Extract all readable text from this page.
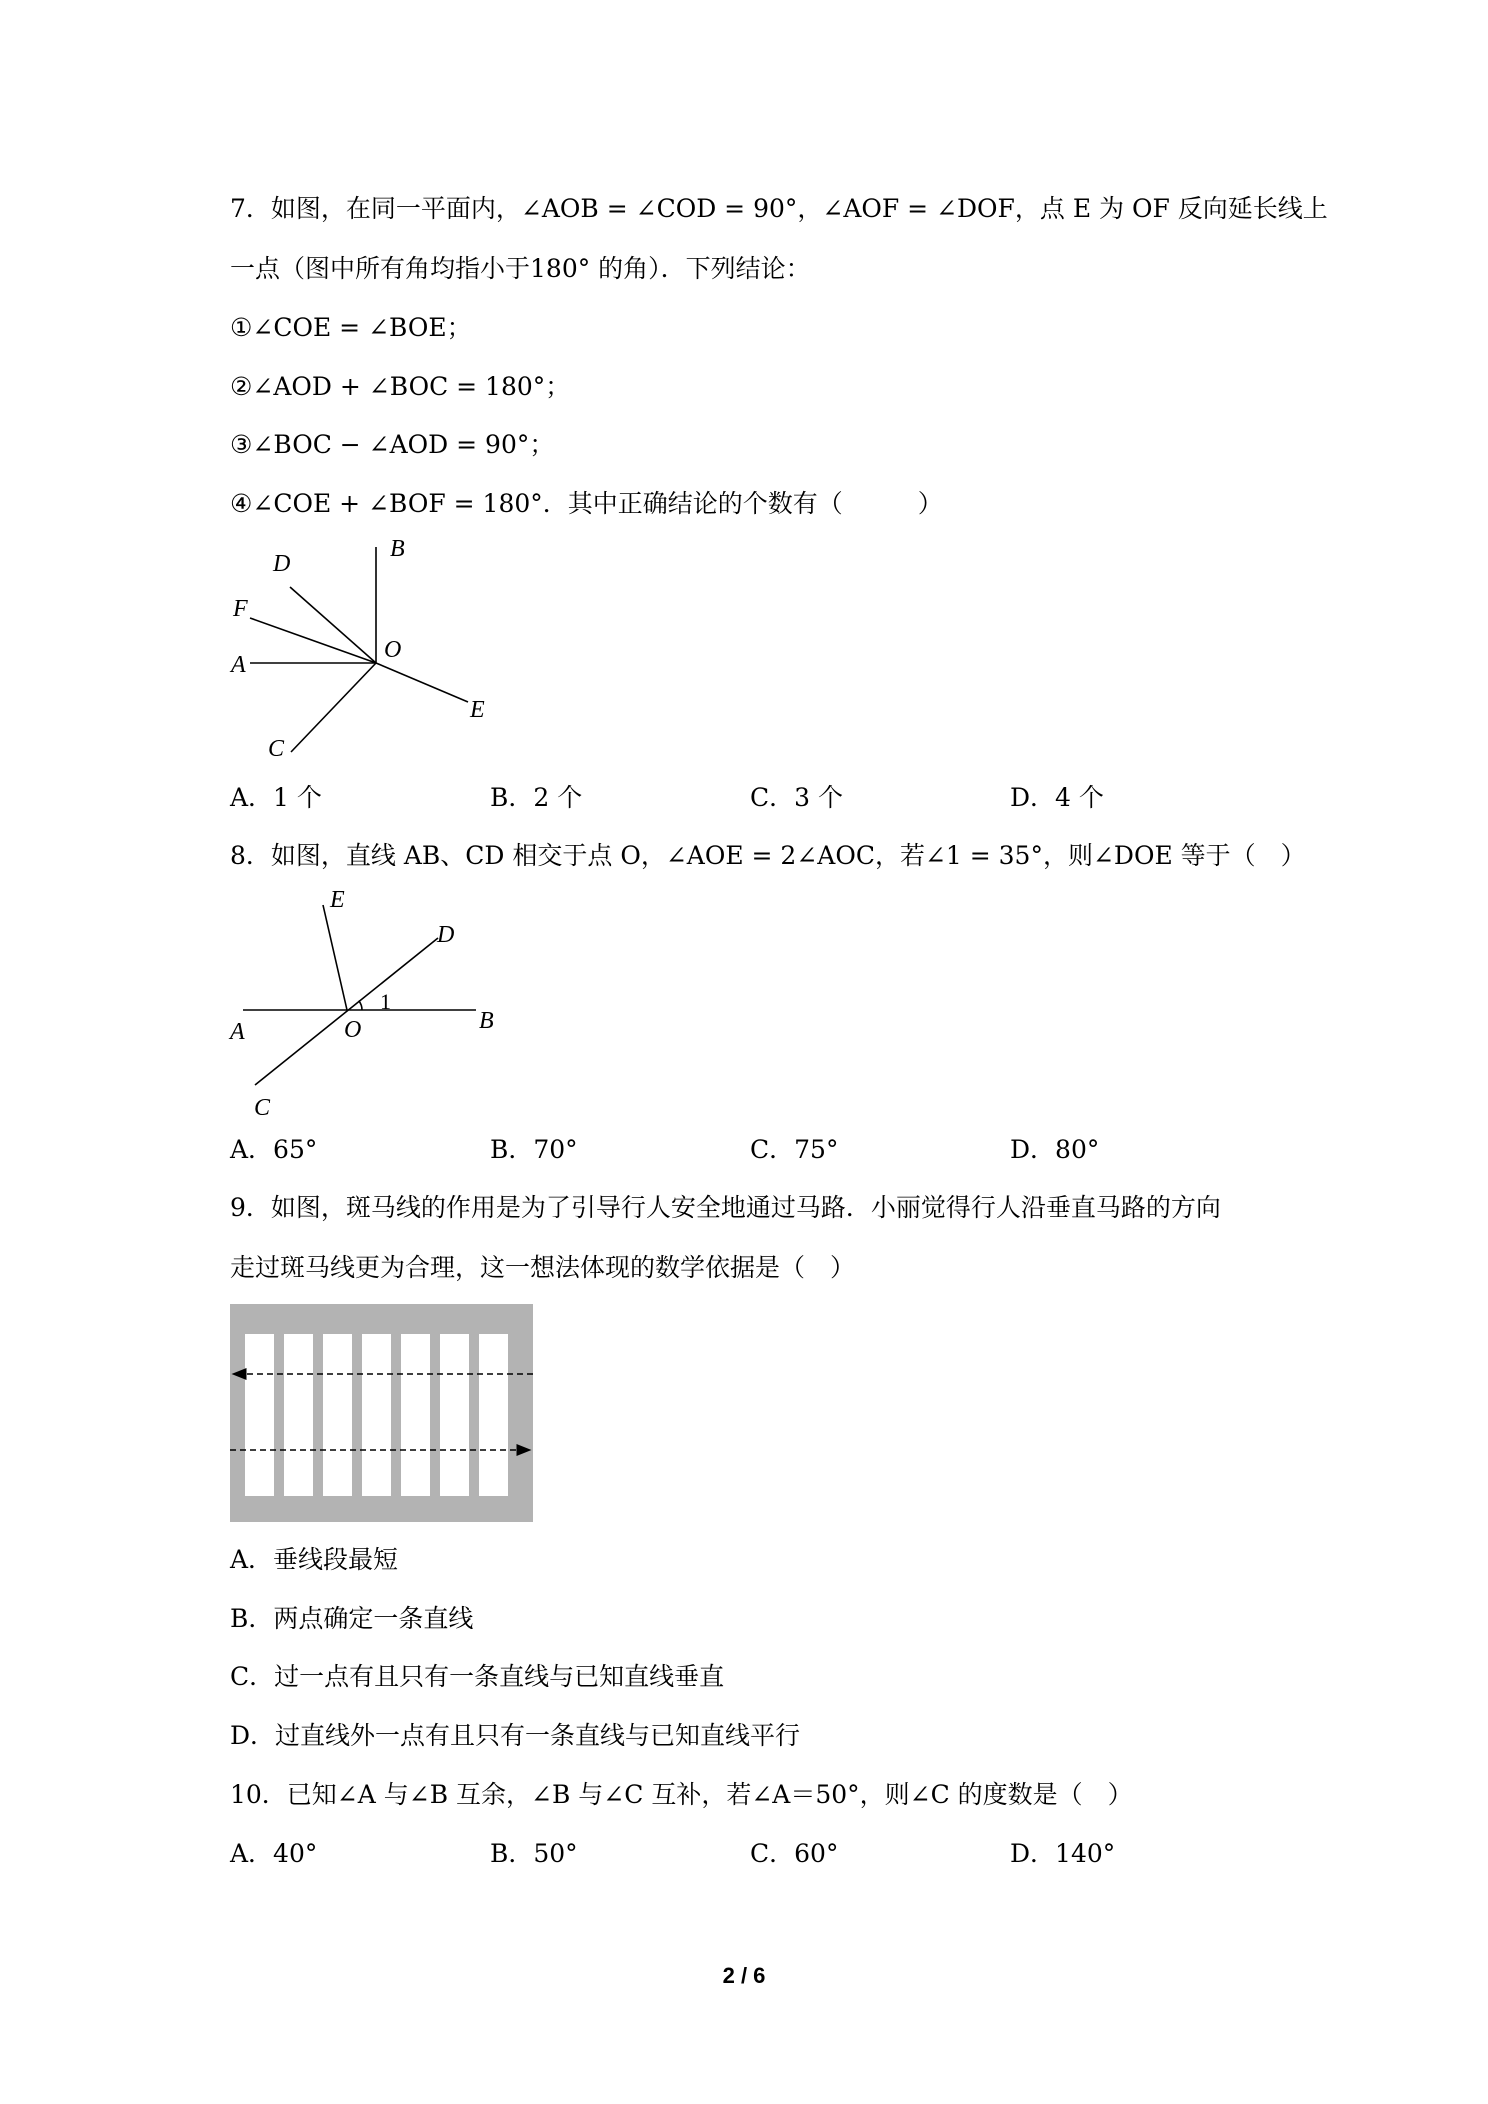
7．如图，在同一平面内，∠AOB = ∠COD = 90°，∠AOF = ∠DOF，点 E 为 OF 反向延长线上
一点（图中所有角均指小于180° 的角）．下列结论：
①∠COE = ∠BOE；
②∠AOD + ∠BOC = 180°；
③∠BOC − ∠AOD = 90°；
④∠COE + ∠BOF = 180°．其中正确结论的个数有（　　　）
B
D
F
A
O
E
C
A．1 个	B．2 个	C．3 个	D．4 个
8．如图，直线 AB、CD 相交于点 O，∠AOE = 2∠AOC，若∠1 = 35°，则∠DOE 等于（　）
E
D
1
A	O	B
C
A．65°	B．70°	C．75°	D．80°
9．如图，斑马线的作用是为了引导行人安全地通过马路．小丽觉得行人沿垂直马路的方向
走过斑马线更为合理，这一想法体现的数学依据是（　）
A．垂线段最短
B．两点确定一条直线
C．过一点有且只有一条直线与已知直线垂直
D．过直线外一点有且只有一条直线与已知直线平行
10．已知∠A 与∠B 互余，∠B 与∠C 互补，若∠A＝50°，则∠C 的度数是（　）
A．40°	B．50°	C．60°	D．140°
2 / 6
